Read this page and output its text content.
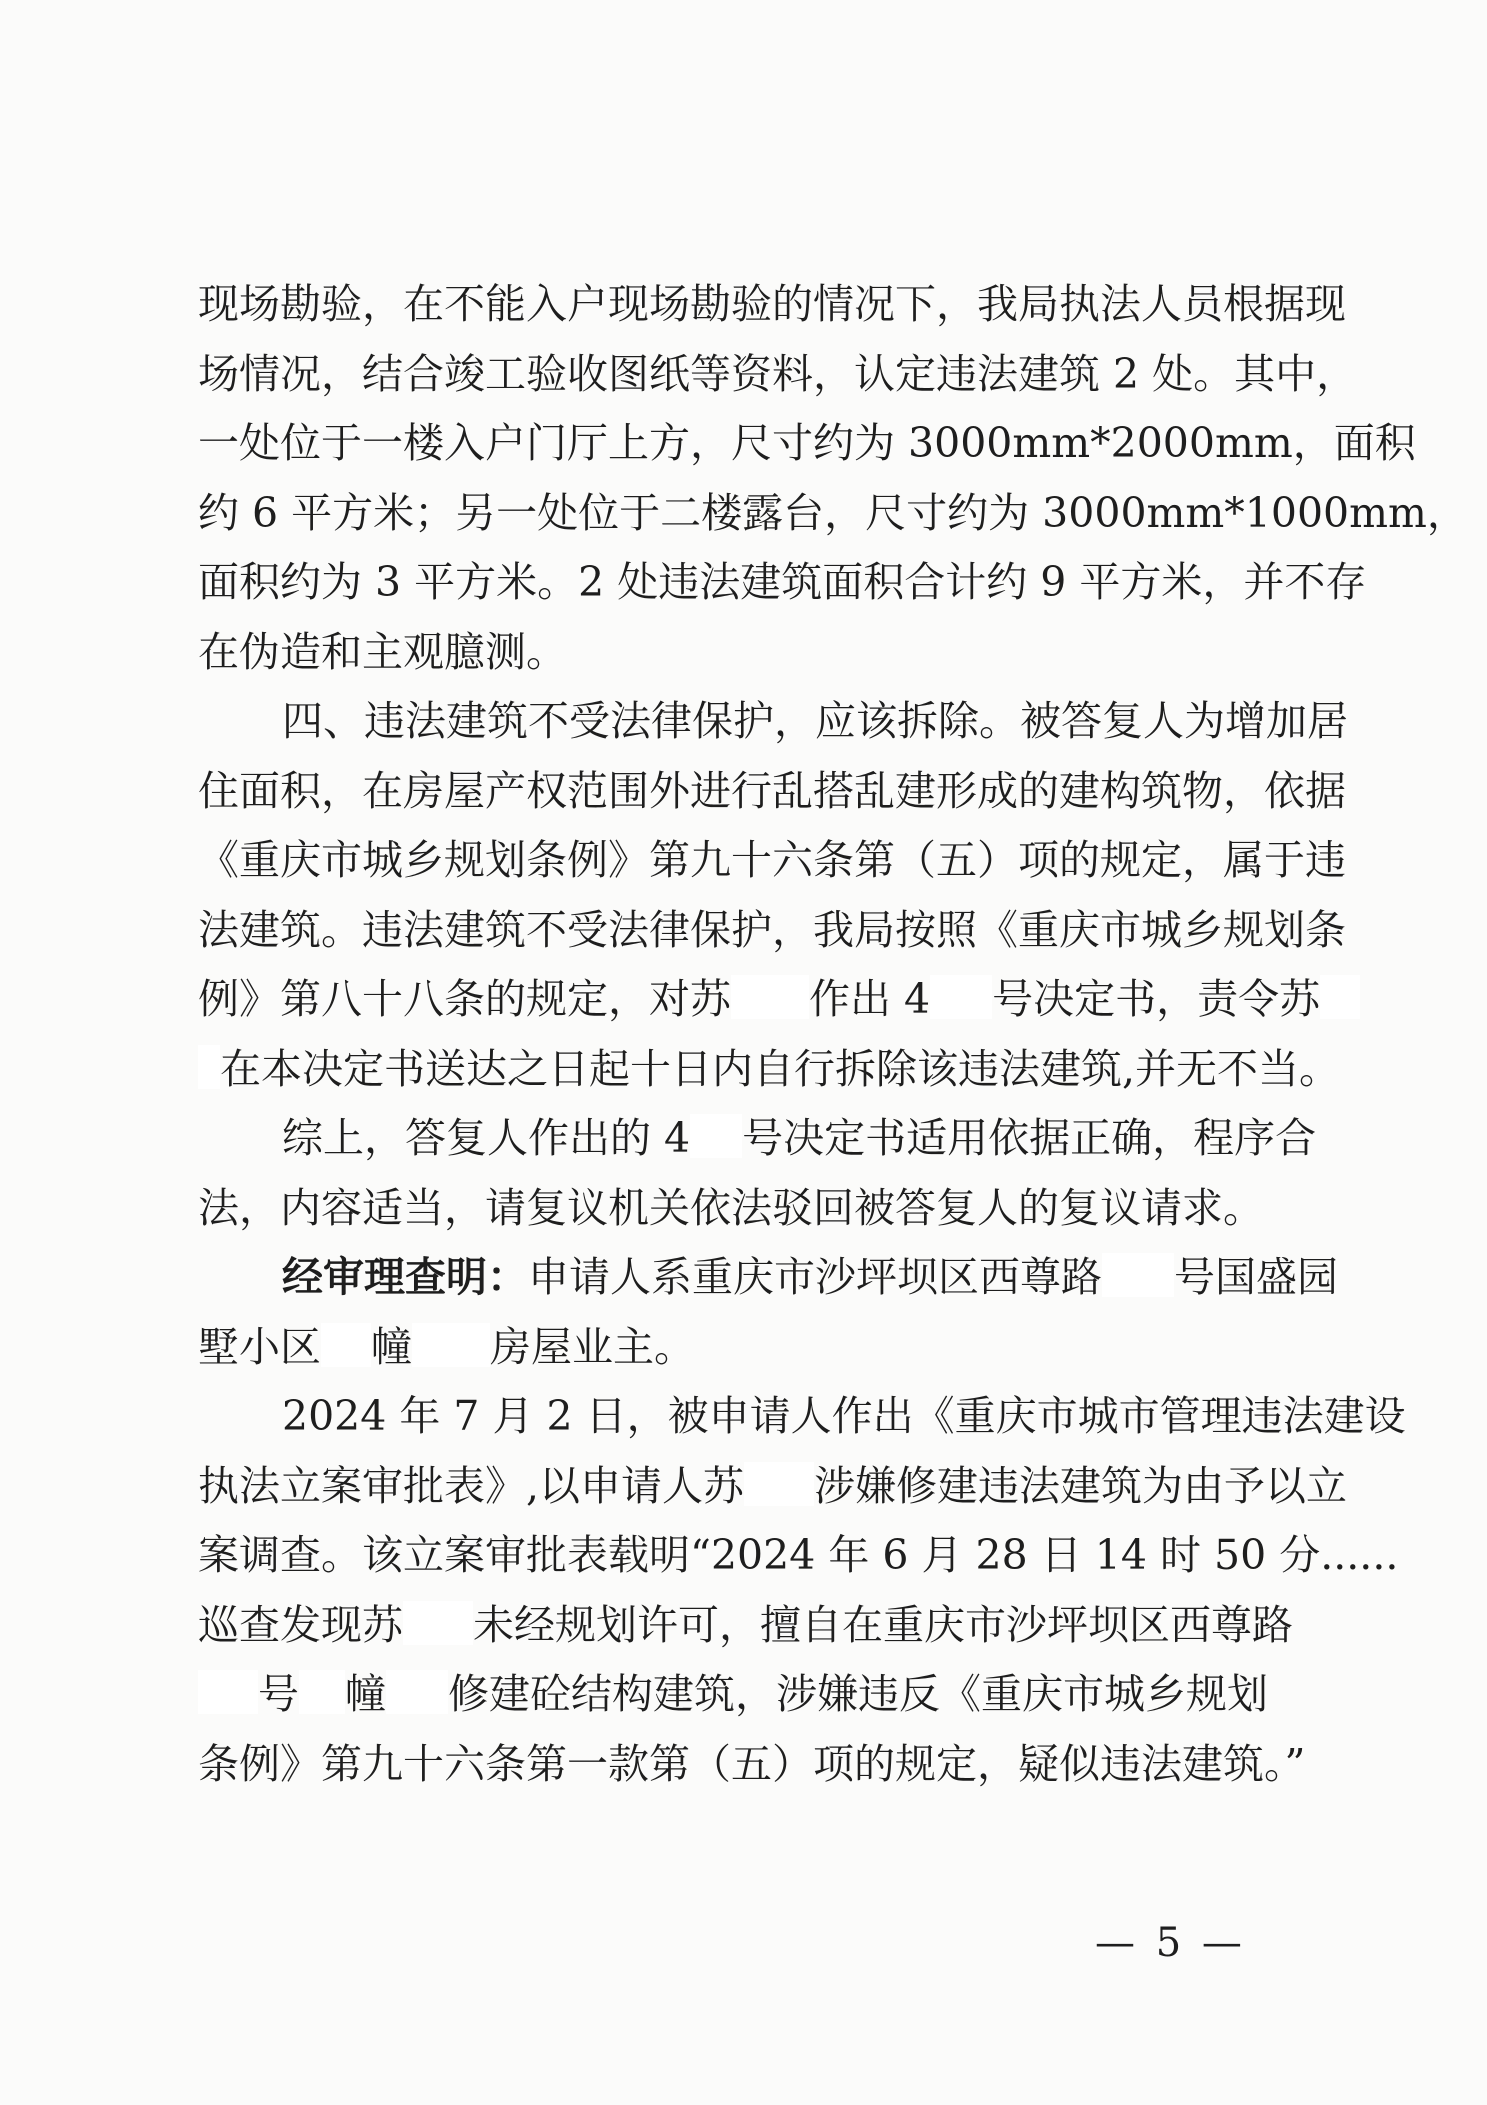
现场勘验，在不能入户现场勘验的情况下，我局执法人员根据现
场情况，结合竣工验收图纸等资料，认定违法建筑 2 处。其中，
一处位于一楼入户门厅上方，尺寸约为 3000mm*2000mm，面积
约 6 平方米；另一处位于二楼露台，尺寸约为 3000mm*1000mm，
面积约为 3 平方米。2 处违法建筑面积合计约 9 平方米，并不存
在伪造和主观臆测。
四、违法建筑不受法律保护，应该拆除。被答复人为增加居
住面积，在房屋产权范围外进行乱搭乱建形成的建构筑物，依据
《重庆市城乡规划条例》第九十六条第（五）项的规定，属于违
法建筑。违法建筑不受法律保护，我局按照《重庆市城乡规划条
例》第八十八条的规定，对苏 作出 4 号决定书，责令苏
在本决定书送达之日起十日内自行拆除该违法建筑,并无不当。
综上，答复人作出的 4 号决定书适用依据正确，程序合
法，内容适当，请复议机关依法驳回被答复人的复议请求。
经审理查明：申请人系重庆市沙坪坝区西尊路 号国盛园
墅小区 幢 房屋业主。
2024 年 7 月 2 日，被申请人作出《重庆市城市管理违法建设
执法立案审批表》,以申请人苏 涉嫌修建违法建筑为由予以立
案调查。该立案审批表载明“2024 年 6 月 28 日 14 时 50 分......
巡查发现苏 未经规划许可，擅自在重庆市沙坪坝区西尊路
号 幢 修建砼结构建筑，涉嫌违反《重庆市城乡规划
条例》第九十六条第一款第（五）项的规定，疑似违法建筑。”
— 5 —
